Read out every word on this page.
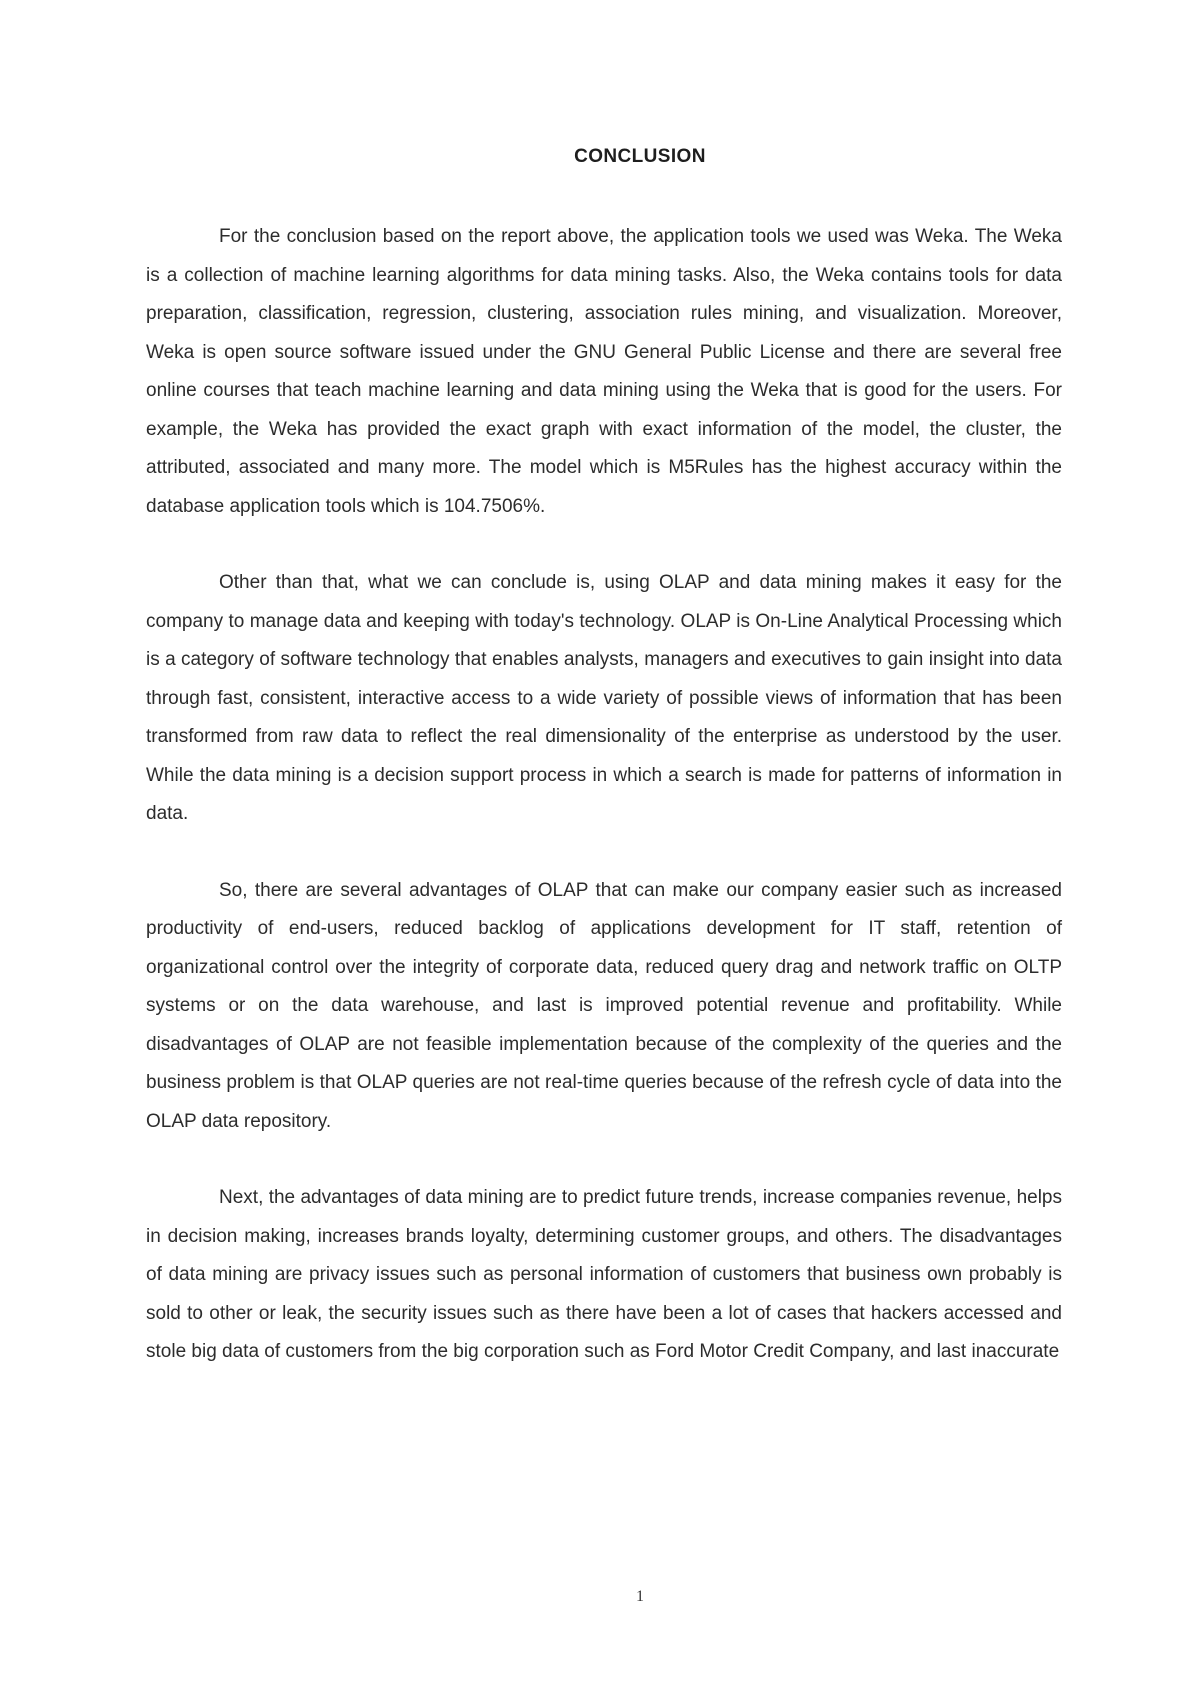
CONCLUSION

For the conclusion based on the report above, the application tools we used was Weka. The Weka is a collection of machine learning algorithms for data mining tasks. Also, the Weka contains tools for data preparation, classification, regression, clustering, association rules mining, and visualization. Moreover, Weka is open source software issued under the GNU General Public License and there are several free online courses that teach machine learning and data mining using the Weka that is good for the users. For example, the Weka has provided the exact graph with exact information of the model, the cluster, the attributed, associated and many more. The model which is M5Rules has the highest accuracy within the database application tools which is 104.7506%.

Other than that, what we can conclude is, using OLAP and data mining makes it easy for the company to manage data and keeping with today's technology. OLAP is On-Line Analytical Processing which is a category of software technology that enables analysts, managers and executives to gain insight into data through fast, consistent, interactive access to a wide variety of possible views of information that has been transformed from raw data to reflect the real dimensionality of the enterprise as understood by the user. While the data mining is a decision support process in which a search is made for patterns of information in data.

So, there are several advantages of OLAP that can make our company easier such as increased productivity of end-users, reduced backlog of applications development for IT staff, retention of organizational control over the integrity of corporate data, reduced query drag and network traffic on OLTP systems or on the data warehouse, and last is improved potential revenue and profitability. While disadvantages of OLAP are not feasible implementation because of the complexity of the queries and the business problem is that OLAP queries are not real-time queries because of the refresh cycle of data into the OLAP data repository.

Next, the advantages of data mining are to predict future trends, increase companies revenue, helps in decision making, increases brands loyalty, determining customer groups, and others. The disadvantages of data mining are privacy issues such as personal information of customers that business own probably is sold to other or leak, the security issues such as there have been a lot of cases that hackers accessed and stole big data of customers from the big corporation such as Ford Motor Credit Company, and last inaccurate

1
